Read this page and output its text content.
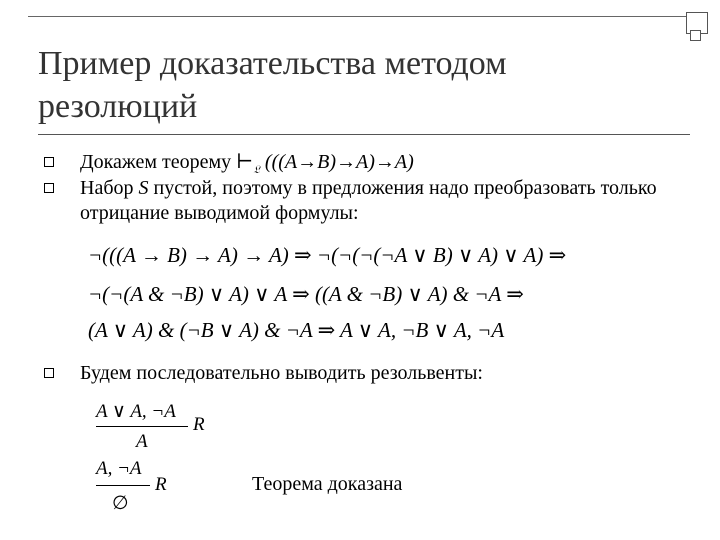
Пример доказательства методом резолюций
Докажем теорему $⊢_𝔏$ (((A→B)→A)→A)
Набор S пустой, поэтому в предложения надо преобразовать только отрицание выводимой формулы:
¬(((A → B) → A) → A) ⇒ ¬(¬(¬(¬A ∨ B) ∨ A) ∨ A) ⇒
¬(¬(A & ¬B) ∨ A) ∨ A ⇒ ((A & ¬B) ∨ A) & ¬A ⇒
(A ∨ A) & (¬B ∨ A) & ¬A ⇒ A ∨ A, ¬B ∨ A, ¬A
Будем последовательно выводить резольвенты:
A ∨ A, ¬A
A
R
A, ¬A
∅
R	Теорема доказана
